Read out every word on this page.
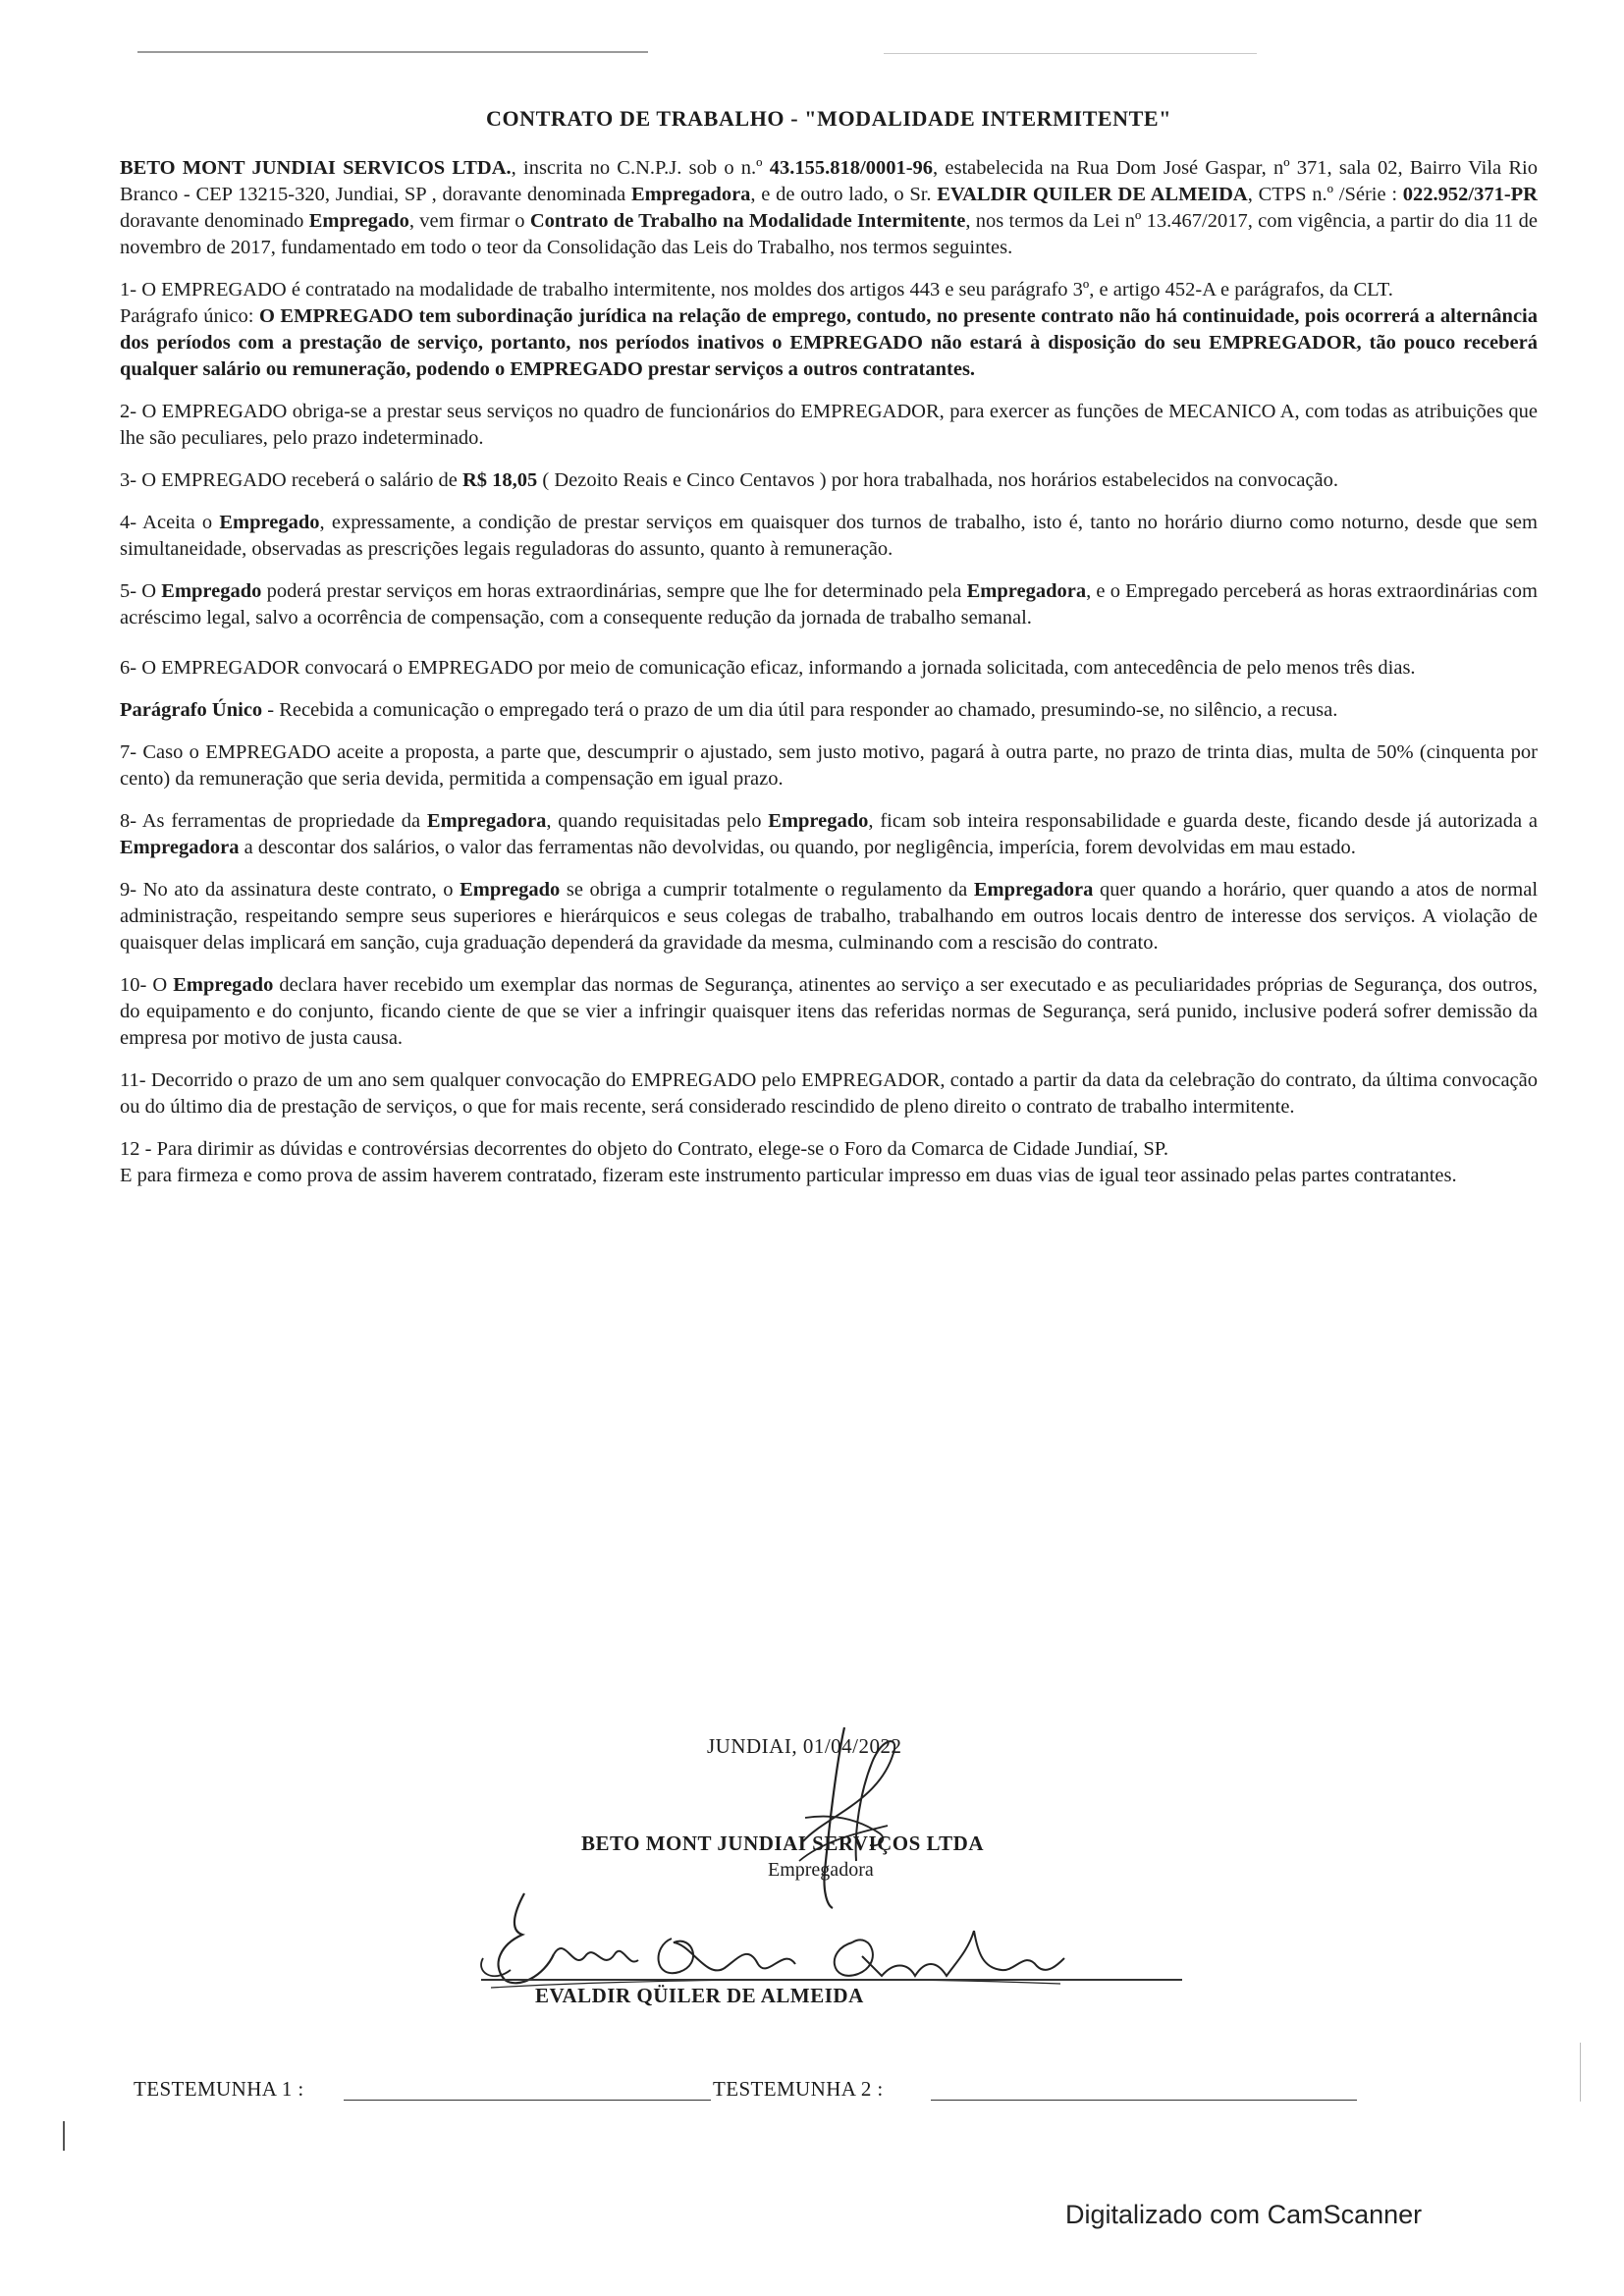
CONTRATO DE TRABALHO - "MODALIDADE INTERMITENTE"

BETO MONT JUNDIAI SERVICOS LTDA., inscrita no C.N.P.J. sob o n.º 43.155.818/0001-96, estabelecida na Rua Dom José Gaspar, nº 371, sala 02, Bairro Vila Rio Branco - CEP 13215-320, Jundiai, SP , doravante denominada Empregadora, e de outro lado, o Sr. EVALDIR QUILER DE ALMEIDA, CTPS n.º /Série : 022.952/371-PR doravante denominado Empregado, vem firmar o Contrato de Trabalho na Modalidade Intermitente, nos termos da Lei nº 13.467/2017, com vigência, a partir do dia 11 de novembro de 2017, fundamentado em todo o teor da Consolidação das Leis do Trabalho, nos termos seguintes.

1- O EMPREGADO é contratado na modalidade de trabalho intermitente, nos moldes dos artigos 443 e seu parágrafo 3º, e artigo 452-A e parágrafos, da CLT.

Parágrafo único: O EMPREGADO tem subordinação jurídica na relação de emprego, contudo, no presente contrato não há continuidade, pois ocorrerá a alternância dos períodos com a prestação de serviço, portanto, nos períodos inativos o EMPREGADO não estará à disposição do seu EMPREGADOR, tão pouco receberá qualquer salário ou remuneração, podendo o EMPREGADO prestar serviços a outros contratantes.

2- O EMPREGADO obriga-se a prestar seus serviços no quadro de funcionários do EMPREGADOR, para exercer as funções de MECANICO A, com todas as atribuições que lhe são peculiares, pelo prazo indeterminado.

3- O EMPREGADO receberá o salário de R$ 18,05 ( Dezoito Reais e Cinco Centavos ) por hora trabalhada, nos horários estabelecidos na convocação.

4- Aceita o Empregado, expressamente, a condição de prestar serviços em quaisquer dos turnos de trabalho, isto é, tanto no horário diurno como noturno, desde que sem simultaneidade, observadas as prescrições legais reguladoras do assunto, quanto à remuneração.

5- O Empregado poderá prestar serviços em horas extraordinárias, sempre que lhe for determinado pela Empregadora, e o Empregado perceberá as horas extraordinárias com acréscimo legal, salvo a ocorrência de compensação, com a consequente redução da jornada de trabalho semanal.

6- O EMPREGADOR convocará o EMPREGADO por meio de comunicação eficaz, informando a jornada solicitada, com antecedência de pelo menos três dias.

Parágrafo Único - Recebida a comunicação o empregado terá o prazo de um dia útil para responder ao chamado, presumindo-se, no silêncio, a recusa.

7- Caso o EMPREGADO aceite a proposta, a parte que, descumprir o ajustado, sem justo motivo, pagará à outra parte, no prazo de trinta dias, multa de 50% (cinquenta por cento) da remuneração que seria devida, permitida a compensação em igual prazo.

8- As ferramentas de propriedade da Empregadora, quando requisitadas pelo Empregado, ficam sob inteira responsabilidade e guarda deste, ficando desde já autorizada a Empregadora a descontar dos salários, o valor das ferramentas não devolvidas, ou quando, por negligência, imperícia, forem devolvidas em mau estado.

9- No ato da assinatura deste contrato, o Empregado se obriga a cumprir totalmente o regulamento da Empregadora quer quando a horário, quer quando a atos de normal administração, respeitando sempre seus superiores e hierárquicos e seus colegas de trabalho, trabalhando em outros locais dentro de interesse dos serviços. A violação de quaisquer delas implicará em sanção, cuja graduação dependerá da gravidade da mesma, culminando com a rescisão do contrato.

10- O Empregado declara haver recebido um exemplar das normas de Segurança, atinentes ao serviço a ser executado e as peculiaridades próprias de Segurança, dos outros, do equipamento e do conjunto, ficando ciente de que se vier a infringir quaisquer itens das referidas normas de Segurança, será punido, inclusive poderá sofrer demissão da empresa por motivo de justa causa.

11- Decorrido o prazo de um ano sem qualquer convocação do EMPREGADO pelo EMPREGADOR, contado a partir da data da celebração do contrato, da última convocação ou do último dia de prestação de serviços, o que for mais recente, será considerado rescindido de pleno direito o contrato de trabalho intermitente.

12 - Para dirimir as dúvidas e controvérsias decorrentes do objeto do Contrato, elege-se o Foro da Comarca de Cidade Jundiaí, SP.

E para firmeza e como prova de assim haverem contratado, fizeram este instrumento particular impresso em duas vias de igual teor assinado pelas partes contratantes.

JUNDIAI, 01/04/2022
BETO MONT JUNDIAI SERVIÇOS LTDA
Empregadora
EVALDIR QÜILER DE ALMEIDA
TESTEMUNHA 1 :	TESTEMUNHA 2 :
Digitalizado com CamScanner
